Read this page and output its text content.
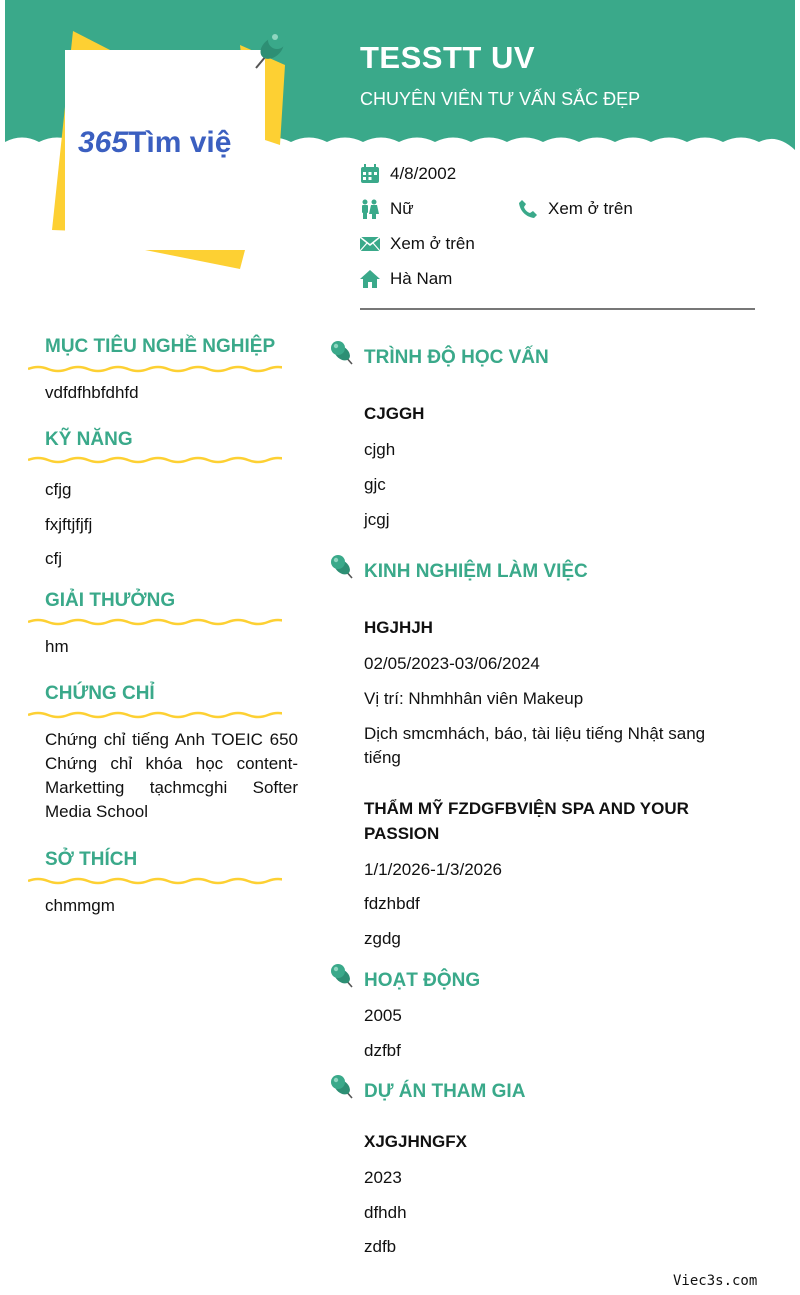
365Tìm việ
TESSTT UV
CHUYÊN VIÊN TƯ VẤN SẮC ĐẸP
4/8/2002
Nữ	Xem ở trên
Xem ở trên
Hà Nam
MỤC TIÊU NGHỀ NGHIỆP
vdfdfhbfdhfd
KỸ NĂNG
cfjg
fxjftjfjfj
cfj
GIẢI THƯỞNG
hm
CHỨNG CHỈ
Chứng chỉ tiếng Anh TOEIC 650 Chứng chỉ khóa học content-Marketting tạchmcghi Softer Media School
SỞ THÍCH
chmmgm
TRÌNH ĐỘ HỌC VẤN
CJGGH
cjgh
gjc
jcgj
KINH NGHIỆM LÀM VIỆC
HGJHJH
02/05/2023-03/06/2024
Vị trí: Nhmhhân viên Makeup
Dịch smcmhách, báo, tài liệu tiếng Nhật sang tiếng
THẨM MỸ FZDGFBVIỆN SPA AND YOUR PASSION
1/1/2026-1/3/2026
fdzhbdf
zgdg
HOẠT ĐỘNG
2005
dzfbf
DỰ ÁN THAM GIA
XJGJHNGFX
2023
dfhdh
zdfb
Viec3s.com
